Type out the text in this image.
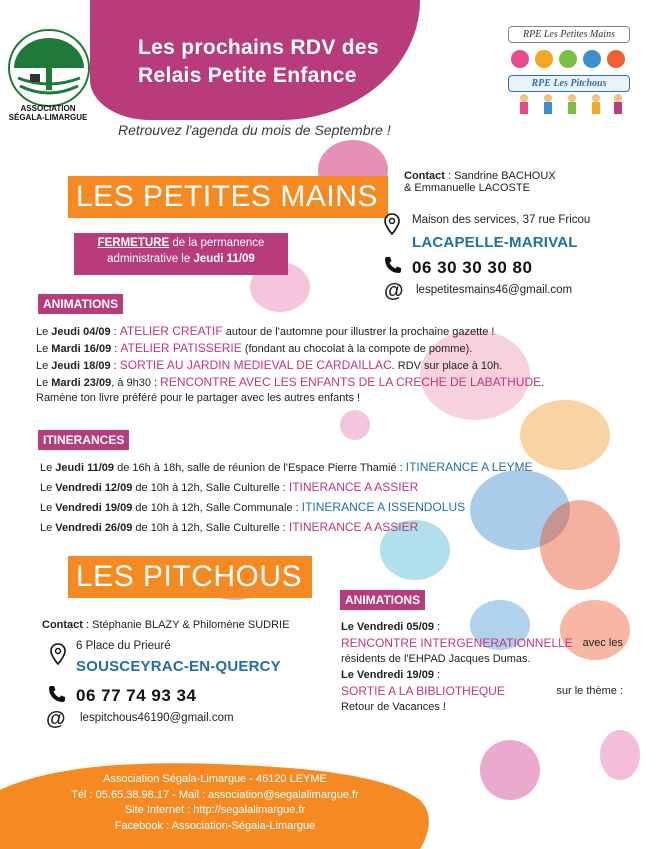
ASSOCIATION
SÉGALA-LIMARGUE
Les prochains RDV des
Relais Petite Enfance
RPE Les Petites Mains
RPE Les Pitchous
Retrouvez l'agenda du mois de Septembre !
LES PETITES MAINS
Contact : Sandrine BACHOUX
& Emmanuelle LACOSTE
FERMETURE de la permanence
administrative le Jeudi 11/09
Maison des services, 37 rue Fricou
LACAPELLE-MARIVAL
06 30 30 30 80
@ lespetitesmains46@gmail.com
ANIMATIONS
Le Jeudi 04/09 : ATELIER CREATIF autour de l'automne pour illustrer la prochaine gazette !
Le Mardi 16/09 : ATELIER PATISSERIE (fondant au chocolat à la compote de pomme).
Le Jeudi 18/09 : SORTIE AU JARDIN MEDIEVAL DE CARDAILLAC. RDV sur place à 10h.
Le Mardi 23/09, à 9h30 : RENCONTRE AVEC LES ENFANTS DE LA CRECHE DE LABATHUDE.
Ramène ton livre préféré pour le partager avec les autres enfants !
ITINERANCES
Le Jeudi 11/09 de 16h à 18h, salle de réunion de l'Espace Pierre Thamié : ITINERANCE A LEYME
Le Vendredi 12/09 de 10h à 12h, Salle Culturelle : ITINERANCE A ASSIER
Le Vendredi 19/09 de 10h à 12h, Salle Communale : ITINERANCE A ISSENDOLUS
Le Vendredi 26/09 de 10h à 12h, Salle Culturelle : ITINERANCE A ASSIER
LES PITCHOUS
Contact : Stéphanie BLAZY & Philomène SUDRIE
6 Place du Prieuré
SOUSCEYRAC-EN-QUERCY
06 77 74 93 34
@ lespitchous46190@gmail.com
ANIMATIONS
Le Vendredi 05/09 :
RENCONTRE INTERGENERATIONNELLE avec les
résidents de l'EHPAD Jacques Dumas.
Le Vendredi 19/09 :
SORTIE A LA BIBLIOTHEQUE	sur le thème :
Retour de Vacances !
Association Ségala-Limargue - 46120 LEYME
Tél : 05.65.38.98.17 - Mail : association@segalalimargue.fr
Site Internet : http://segalalimargue.fr
Facebook : Association-Ségala-Limargue
